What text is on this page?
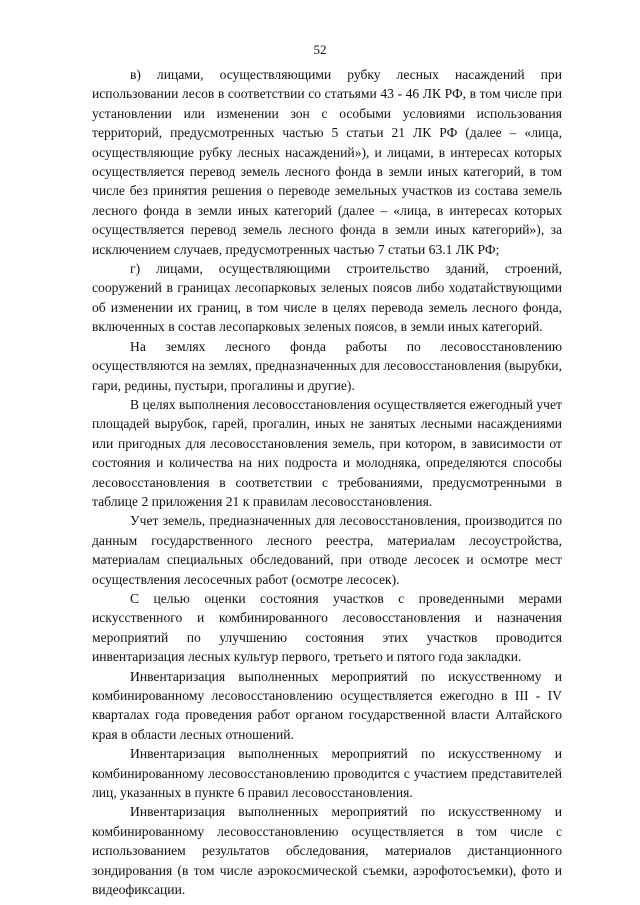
52

в) лицами, осуществляющими рубку лесных насаждений при использовании лесов в соответствии со статьями 43 - 46 ЛК РФ, в том числе при установлении или изменении зон с особыми условиями использования территорий, предусмотренных частью 5 статьи 21 ЛК РФ (далее – «лица, осуществляющие рубку лесных насаждений»), и лицами, в интересах которых осуществляется перевод земель лесного фонда в земли иных категорий, в том числе без принятия решения о переводе земельных участков из состава земель лесного фонда в земли иных категорий (далее – «лица, в интересах которых осуществляется перевод земель лесного фонда в земли иных категорий»), за исключением случаев, предусмотренных частью 7 статьи 63.1 ЛК РФ;

г) лицами, осуществляющими строительство зданий, строений, сооружений в границах лесопарковых зеленых поясов либо ходатайствующими об изменении их границ, в том числе в целях перевода земель лесного фонда, включенных в состав лесопарковых зеленых поясов, в земли иных категорий.

На землях лесного фонда работы по лесовосстановлению осуществляются на землях, предназначенных для лесовосстановления (вырубки, гари, редины, пустыри, прогалины и другие).

В целях выполнения лесовосстановления осуществляется ежегодный учет площадей вырубок, гарей, прогалин, иных не занятых лесными насаждениями или пригодных для лесовосстановления земель, при котором, в зависимости от состояния и количества на них подроста и молодняка, определяются способы лесовосстановления в соответствии с требованиями, предусмотренными в таблице 2 приложения 21 к правилам лесовосстановления.

Учет земель, предназначенных для лесовосстановления, производится по данным государственного лесного реестра, материалам лесоустройства, материалам специальных обследований, при отводе лесосек и осмотре мест осуществления лесосечных работ (осмотре лесосек).

С целью оценки состояния участков с проведенными мерами искусственного и комбинированного лесовосстановления и назначения мероприятий по улучшению состояния этих участков проводится инвентаризация лесных культур первого, третьего и пятого года закладки.

Инвентаризация выполненных мероприятий по искусственному и комбинированному лесовосстановлению осуществляется ежегодно в III - IV кварталах года проведения работ органом государственной власти Алтайского края в области лесных отношений.

Инвентаризация выполненных мероприятий по искусственному и комбинированному лесовосстановлению проводится с участием представителей лиц, указанных в пункте 6 правил лесовосстановления.

Инвентаризация выполненных мероприятий по искусственному и комбинированному лесовосстановлению осуществляется в том числе с использованием результатов обследования, материалов дистанционного зондирования (в том числе аэрокосмической съемки, аэрофотосъемки), фото и видеофиксации.
